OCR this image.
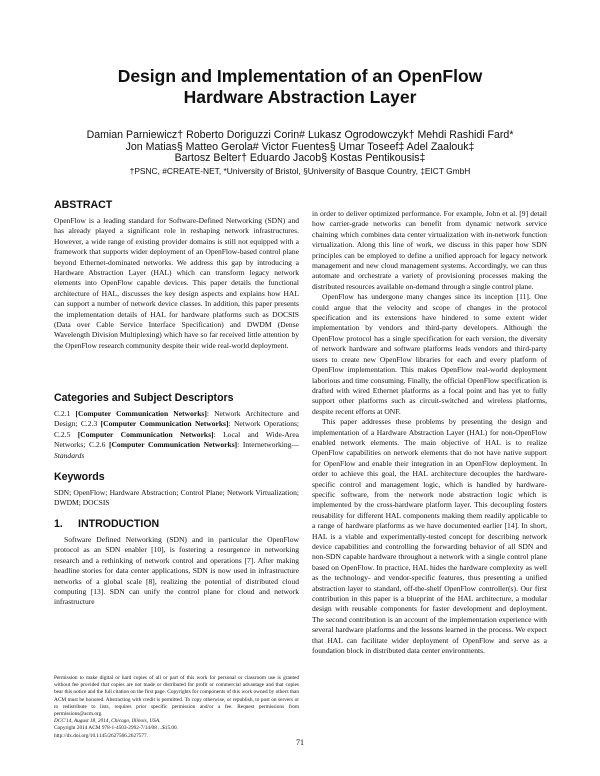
Design and Implementation of an OpenFlow
Hardware Abstraction Layer
Damian Parniewicz† Roberto Doriguzzi Corin# Lukasz Ogrodowczyk† Mehdi Rashidi Fard*
Jon Matias§ Matteo Gerola# Victor Fuentes§ Umar Toseef‡ Adel Zaalouk‡
Bartosz Belter† Eduardo Jacob§ Kostas Pentikousis‡
†PSNC, #CREATE-NET, *University of Bristol, §University of Basque Country, ‡EICT GmbH
ABSTRACT

OpenFlow is a leading standard for Software-Defined Networking (SDN) and has already played a significant role in reshaping network infrastructures. However, a wide range of existing provider domains is still not equipped with a framework that supports wider deployment of an OpenFlow-based control plane beyond Ethernet-dominated networks. We address this gap by introducing a Hardware Abstraction Layer (HAL) which can transform legacy network elements into OpenFlow capable devices. This paper details the functional architecture of HAL, discusses the key design aspects and explains how HAL can support a number of network device classes. In addition, this paper presents the implementation details of HAL for hardware platforms such as DOCSIS (Data over Cable Service Interface Specification) and DWDM (Dense Wavelength Division Multiplexing) which have so far received little attention by the OpenFlow research community despite their wide real-world deployment.

Categories and Subject Descriptors

C.2.1 [Computer Communication Networks]: Network Architecture and Design; C.2.3 [Computer Communication Networks]: Network Operations; C.2.5 [Computer Communication Networks]: Local and Wide-Area Networks; C.2.6 [Computer Communication Networks]: Internetworking—Standards

Keywords

SDN; OpenFlow; Hardware Abstraction; Control Plane; Network Virtualization; DWDM; DOCSIS

1. INTRODUCTION

Software Defined Networking (SDN) and in particular the OpenFlow protocol as an SDN enabler [10], is fostering a resurgence in networking research and a rethinking of network control and operations [7]. After making headline stories for data center applications, SDN is now used in infrastructure networks of a global scale [8], realizing the potential of distributed cloud computing [13]. SDN can unify the control plane for cloud and network infrastructure

Permission to make digital or hard copies of all or part of this work for personal or classroom use is granted without fee provided that copies are not made or distributed for profit or commercial advantage and that copies bear this notice and the full citation on the first page. Copyrights for components of this work owned by others than ACM must be honored. Abstracting with credit is permitted. To copy otherwise, or republish, to post on servers or to redistribute to lists, requires prior specific permission and/or a fee. Request permissions from permissions@acm.org.

DCC'14, August 18, 2014, Chicago, Illinois, USA.

Copyright 2014 ACM 978-1-4503-2992-7/14/08 ...$15.00.

http://dx.doi.org/10.1145/2627566.2627577.

in order to deliver optimized performance. For example, John et al. [9] detail how carrier-grade networks can benefit from dynamic network service chaining which combines data center virtualization with in-network function virtualization. Along this line of work, we discuss in this paper how SDN principles can be employed to define a unified approach for legacy network management and new cloud management systems. Accordingly, we can thus automate and orchestrate a variety of provisioning processes making the distributed resources available on-demand through a single control plane.

OpenFlow has undergone many changes since its inception [11]. One could argue that the velocity and scope of changes in the protocol specification and its extensions have hindered to some extent wider implementation by vendors and third-party developers. Although the OpenFlow protocol has a single specification for each version, the diversity of network hardware and software platforms leads vendors and third-party users to create new OpenFlow libraries for each and every platform of OpenFlow implementation. This makes OpenFlow real-world deployment laborious and time consuming. Finally, the official OpenFlow specification is drafted with wired Ethernet platforms as a focal point and has yet to fully support other platforms such as circuit-switched and wireless platforms, despite recent efforts at ONF.

This paper addresses these problems by presenting the design and implementation of a Hardware Abstraction Layer (HAL) for non-OpenFlow enabled network elements. The main objective of HAL is to realize OpenFlow capabilities on network elements that do not have native support for OpenFlow and enable their integration in an OpenFlow deployment. In order to achieve this goal, the HAL architecture decouples the hardware-specific control and management logic, which is handled by hardware-specific software, from the network node abstraction logic which is implemented by the cross-hardware platform layer. This decoupling fosters reusability for different HAL components making them readily applicable to a range of hardware platforms as we have documented earlier [14]. In short, HAL is a viable and experimentally-tested concept for describing network device capabilities and controlling the forwarding behavior of all SDN and non-SDN capable hardware throughout a network with a single control plane based on OpenFlow. In practice, HAL hides the hardware complexity as well as the technology- and vendor-specific features, thus presenting a unified abstraction layer to standard, off-the-shelf OpenFlow controller(s). Our first contribution in this paper is a blueprint of the HAL architecture, a modular design with reusable components for faster development and deployment. The second contribution is an account of the implementation experience with several hardware platforms and the lessons learned in the process. We expect that HAL can facilitate wider deployment of OpenFlow and serve as a foundation block in distributed data center environments.

71
